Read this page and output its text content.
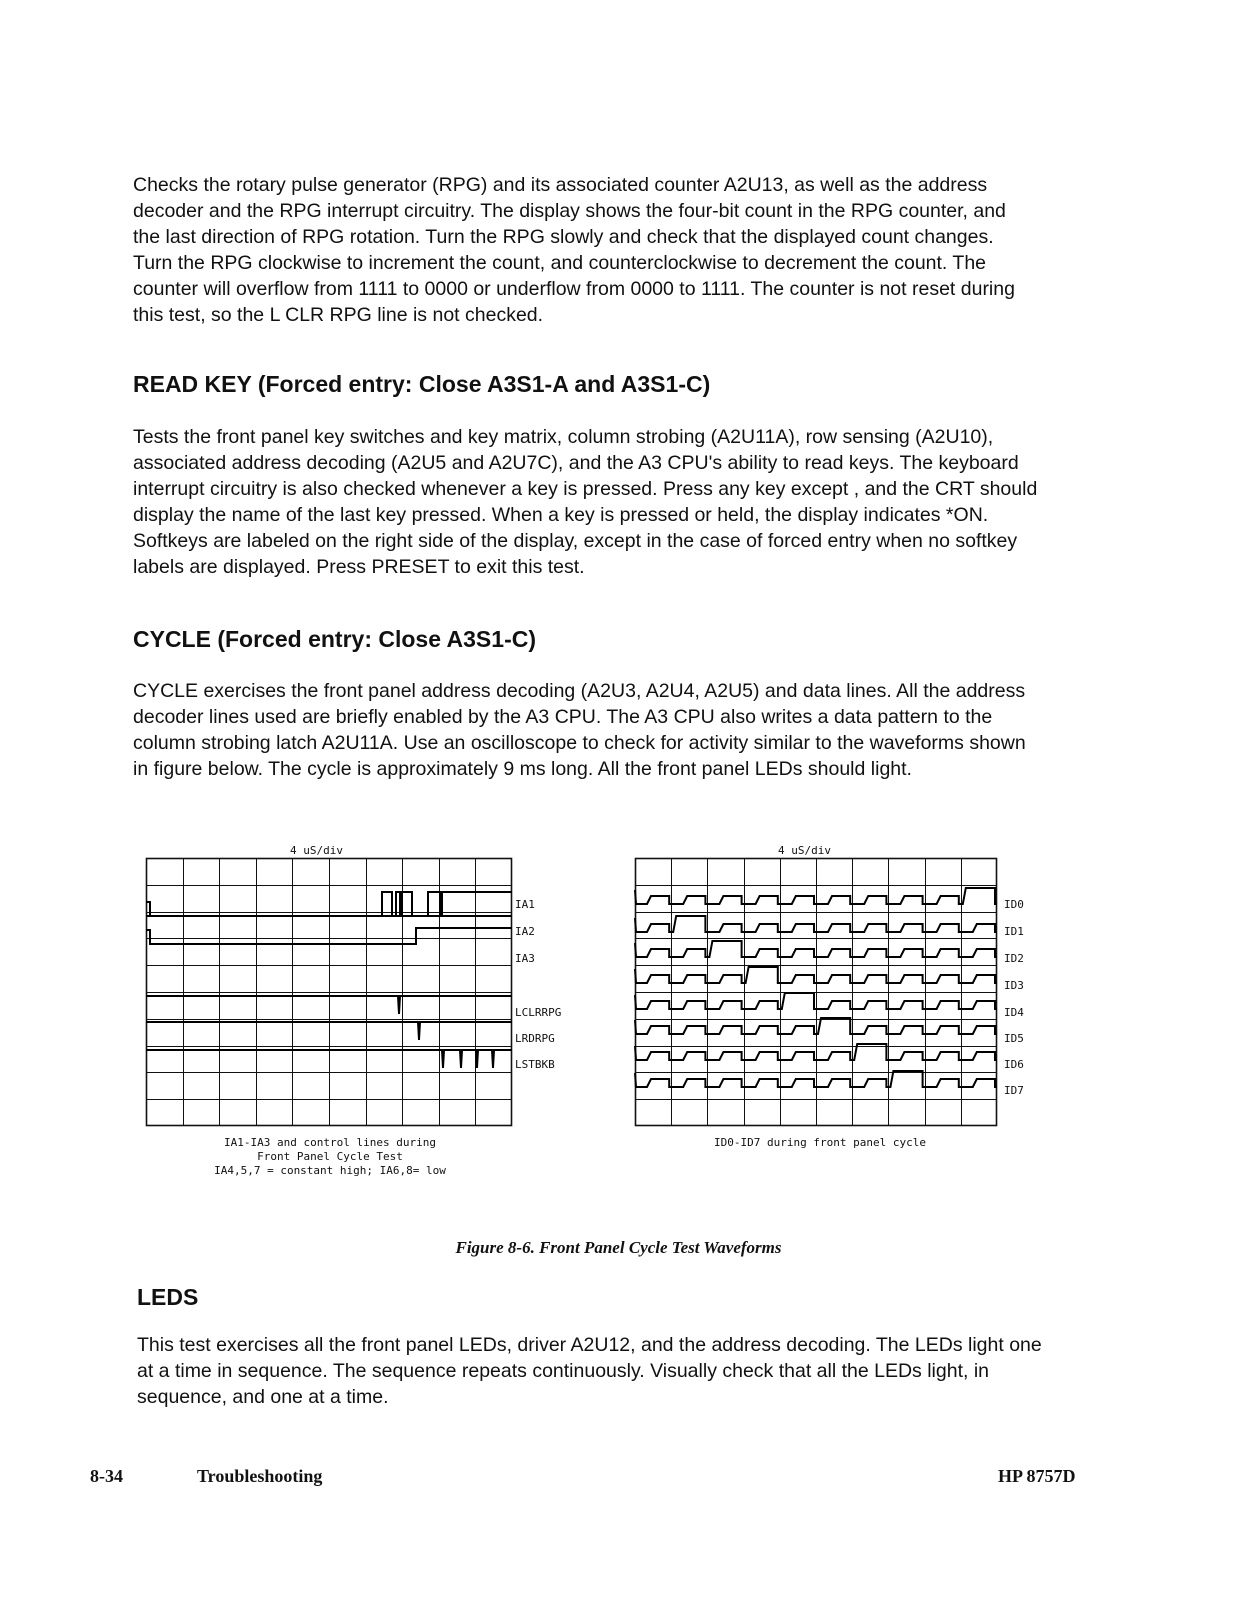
Checks the rotary pulse generator (RPG) and its associated counter A2U13, as well as the address decoder and the RPG interrupt circuitry. The display shows the four-bit count in the RPG counter, and the last direction of RPG rotation. Turn the RPG slowly and check that the displayed count changes. Turn the RPG clockwise to increment the count, and counterclockwise to decrement the count. The counter will overflow from 1111 to 0000 or underflow from 0000 to 1111. The counter is not reset during this test, so the L CLR RPG line is not checked.

READ KEY (Forced entry: Close A3S1-A and A3S1-C)

Tests the front panel key switches and key matrix, column strobing (A2U11A), row sensing (A2U10), associated address decoding (A2U5 and A2U7C), and the A3 CPU's ability to read keys. The keyboard interrupt circuitry is also checked whenever a key is pressed. Press any key except , and the CRT should display the name of the last key pressed. When a key is pressed or held, the display indicates *ON. Softkeys are labeled on the right side of the display, except in the case of forced entry when no softkey labels are displayed. Press PRESET to exit this test.

CYCLE (Forced entry: Close A3S1-C)

CYCLE exercises the front panel address decoding (A2U3, A2U4, A2U5) and data lines. All the address decoder lines used are briefly enabled by the A3 CPU. The A3 CPU also writes a data pattern to the column strobing latch A2U11A. Use an oscilloscope to check for activity similar to the waveforms shown in figure below. The cycle is approximately 9 ms long. All the front panel LEDs should light.

4 uS/div
IA1
IA2
IA3
LCLRRPG
LRDRPG
LSTBKB
IA1-IA3 and control lines during
Front Panel Cycle Test
IA4,5,7 = constant high; IA6,8= low
4 uS/div
ID0
ID1
ID2
ID3
ID4
ID5
ID6
ID7
ID0-ID7 during front panel cycle
Figure 8-6. Front Panel Cycle Test Waveforms
LEDS

This test exercises all the front panel LEDs, driver A2U12, and the address decoding. The LEDs light one at a time in sequence. The sequence repeats continuously. Visually check that all the LEDs light, in sequence, and one at a time.

8-34	Troubleshooting	HP 8757D
